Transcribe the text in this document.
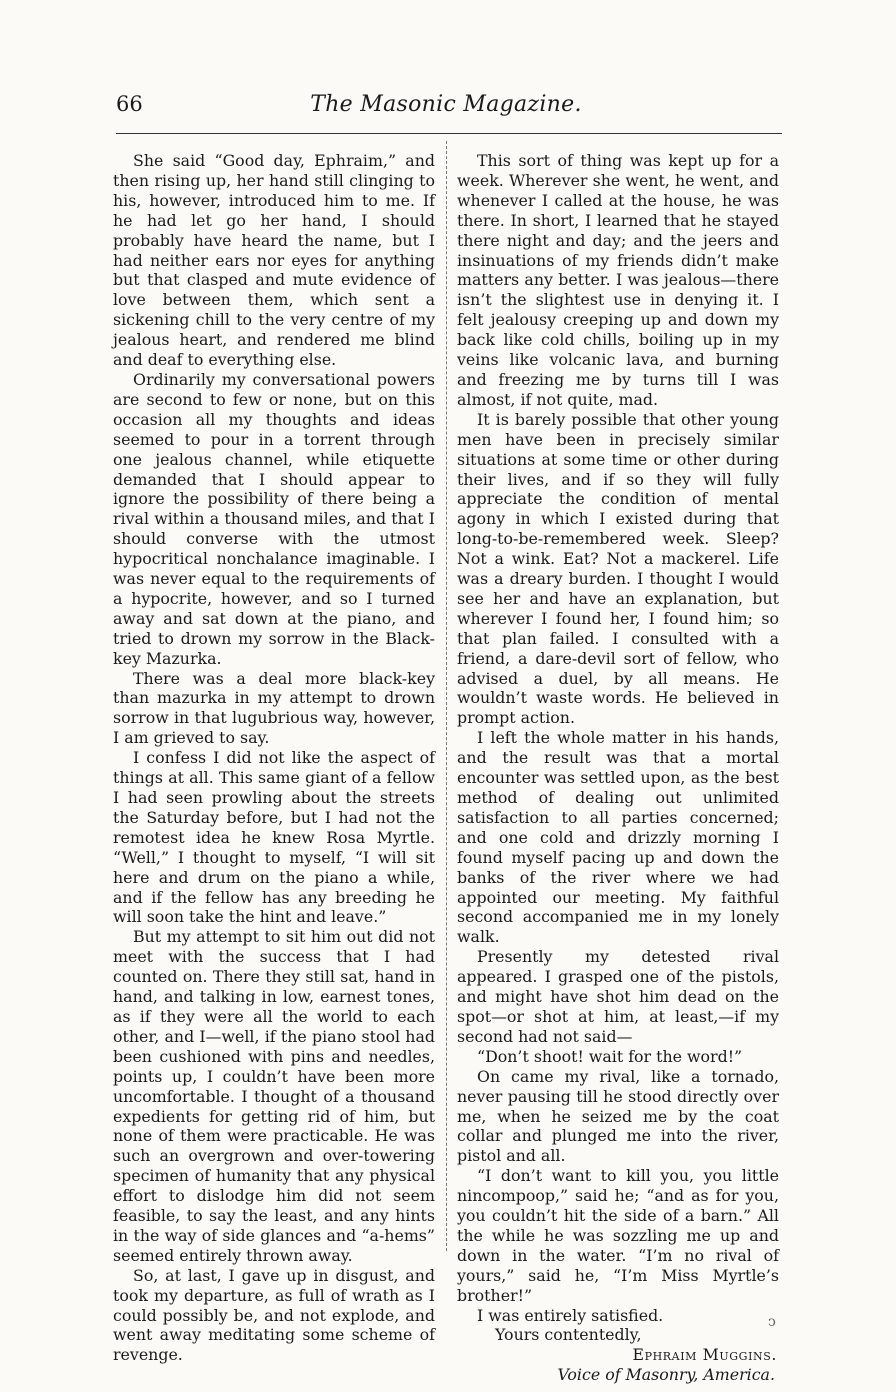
66	The Masonic Magazine.

She said “Good day, Ephraim,” and then rising up, her hand still clinging to his, however, introduced him to me. If he had let go her hand, I should probably have heard the name, but I had neither ears nor eyes for anything but that clasped and mute evidence of love between them, which sent a sickening chill to the very centre of my jealous heart, and rendered me blind and deaf to everything else.

Ordinarily my conversational powers are second to few or none, but on this occasion all my thoughts and ideas seemed to pour in a torrent through one jealous channel, while etiquette demanded that I should appear to ignore the possibility of there being a rival within a thousand miles, and that I should converse with the utmost hypocritical nonchalance imaginable. I was never equal to the requirements of a hypocrite, however, and so I turned away and sat down at the piano, and tried to drown my sorrow in the Black-key Mazurka.

There was a deal more black-key than mazurka in my attempt to drown sorrow in that lugubrious way, however, I am grieved to say.

I confess I did not like the aspect of things at all. This same giant of a fellow I had seen prowling about the streets the Saturday before, but I had not the remotest idea he knew Rosa Myrtle. “Well,” I thought to myself, “I will sit here and drum on the piano a while, and if the fellow has any breeding he will soon take the hint and leave.”

But my attempt to sit him out did not meet with the success that I had counted on. There they still sat, hand in hand, and talking in low, earnest tones, as if they were all the world to each other, and I—well, if the piano stool had been cushioned with pins and needles, points up, I couldn’t have been more uncomfortable. I thought of a thousand expedients for getting rid of him, but none of them were practicable. He was such an overgrown and over-towering specimen of humanity that any physical effort to dislodge him did not seem feasible, to say the least, and any hints in the way of side glances and “a-hems” seemed entirely thrown away.

So, at last, I gave up in disgust, and took my departure, as full of wrath as I could possibly be, and not explode, and went away meditating some scheme of revenge.

This sort of thing was kept up for a week. Wherever she went, he went, and whenever I called at the house, he was there. In short, I learned that he stayed there night and day; and the jeers and insinuations of my friends didn’t make matters any better. I was jealous—there isn’t the slightest use in denying it. I felt jealousy creeping up and down my back like cold chills, boiling up in my veins like volcanic lava, and burning and freezing me by turns till I was almost, if not quite, mad.

It is barely possible that other young men have been in precisely similar situations at some time or other during their lives, and if so they will fully appreciate the condition of mental agony in which I existed during that long-to-be-remembered week. Sleep? Not a wink. Eat? Not a mackerel. Life was a dreary burden. I thought I would see her and have an explanation, but wherever I found her, I found him; so that plan failed. I consulted with a friend, a dare-devil sort of fellow, who advised a duel, by all means. He wouldn’t waste words. He believed in prompt action.

I left the whole matter in his hands, and the result was that a mortal encounter was settled upon, as the best method of dealing out unlimited satisfaction to all parties concerned; and one cold and drizzly morning I found myself pacing up and down the banks of the river where we had appointed our meeting. My faithful second accompanied me in my lonely walk.

Presently my detested rival appeared. I grasped one of the pistols, and might have shot him dead on the spot—or shot at him, at least,—if my second had not said—

“Don’t shoot! wait for the word!”

On came my rival, like a tornado, never pausing till he stood directly over me, when he seized me by the coat collar and plunged me into the river, pistol and all.

“I don’t want to kill you, you little nincompoop,” said he; “and as for you, you couldn’t hit the side of a barn.” All the while he was sozzling me up and down in the water. “I’m no rival of yours,” said he, “I’m Miss Myrtle’s brother!”

I was entirely satisfied.

Yours contentedly,

Ephraim Muggins.
Voice of Masonry, America.
ↄ
